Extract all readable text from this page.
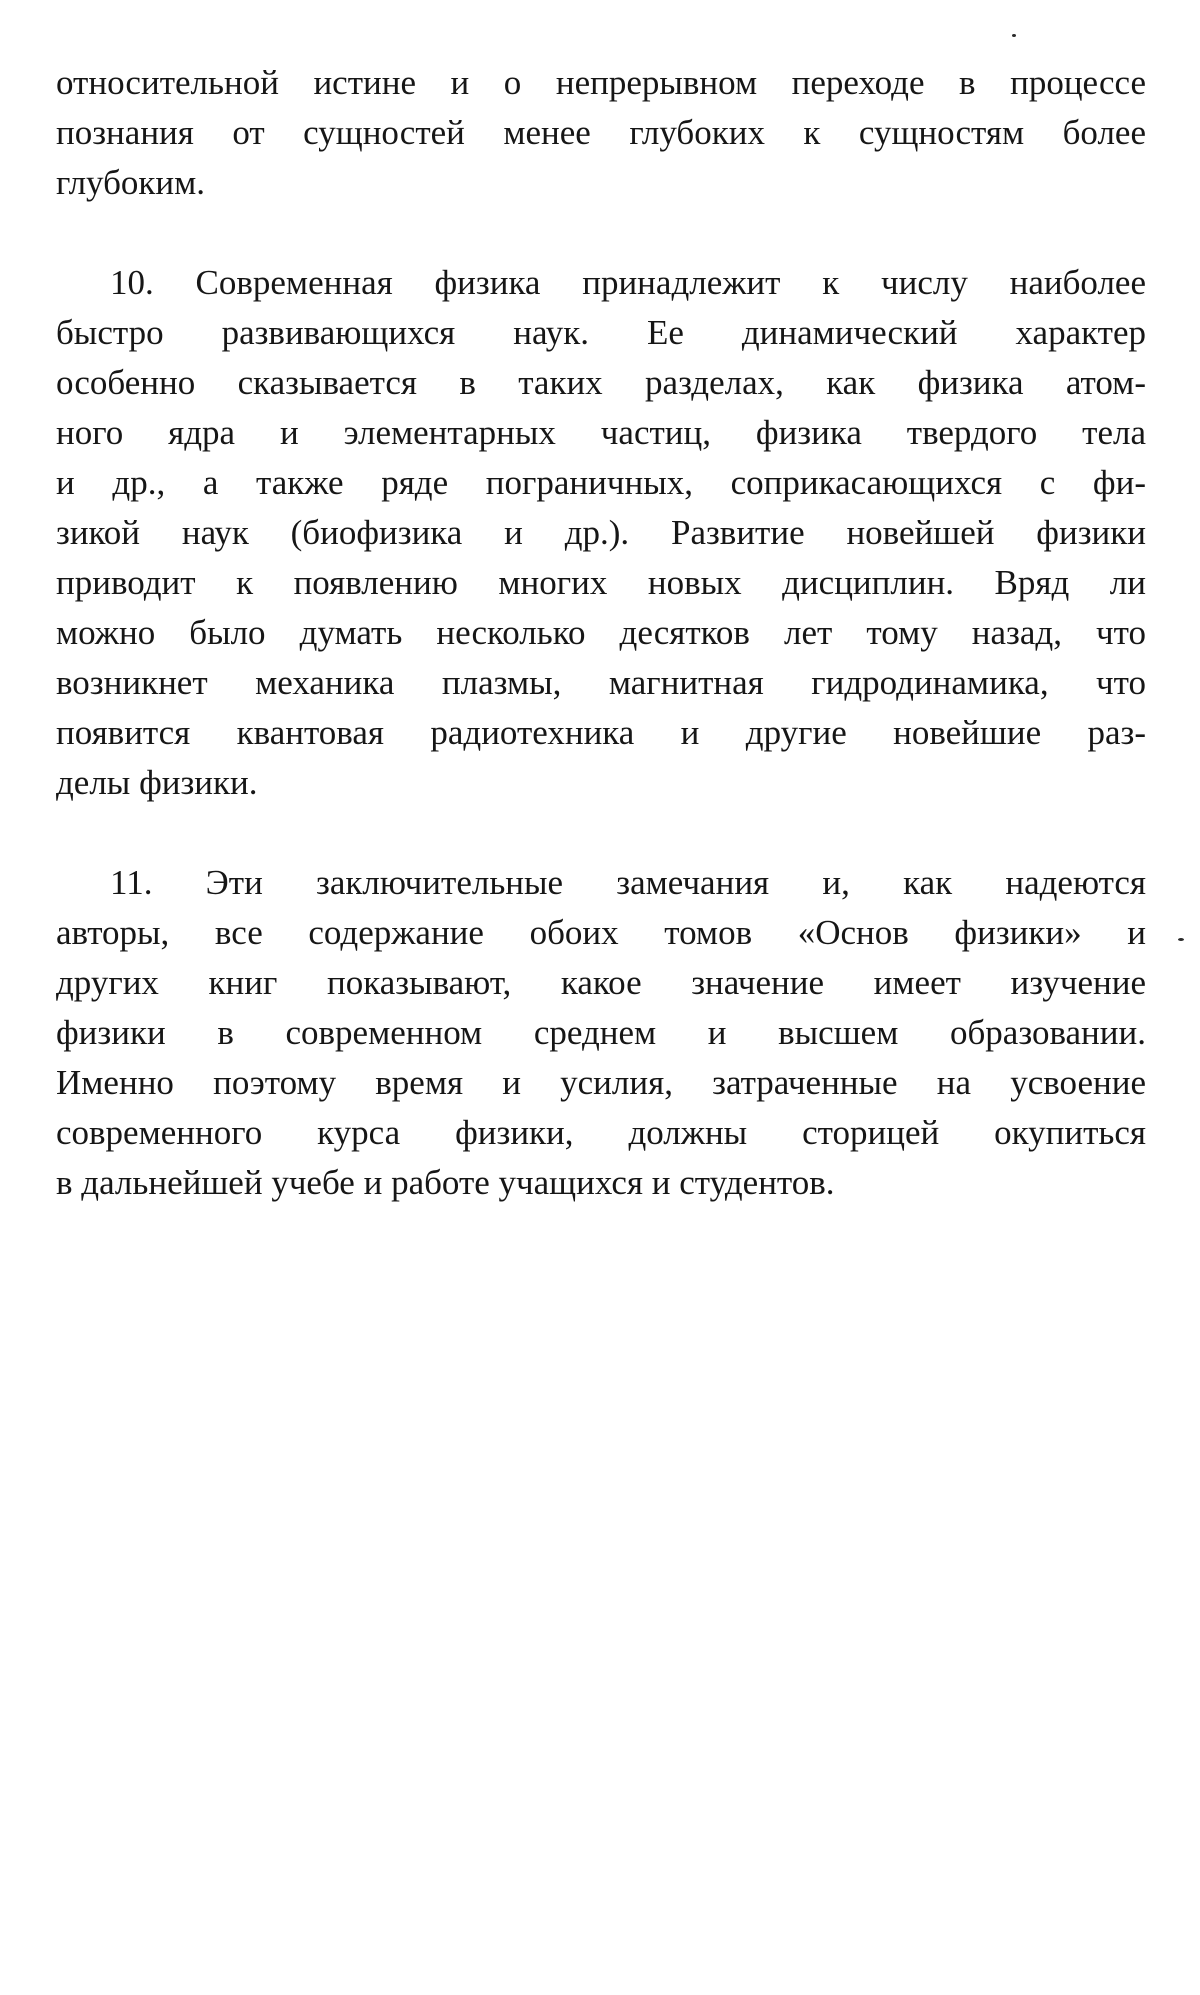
относительной истине и о непрерывном переходе в процессе
познания от сущностей менее глубоких к сущностям более
глубоким.

10. Современная физика принадлежит к числу наиболее
быстро развивающихся наук. Ее динамический характер
особенно сказывается в таких разделах, как физика атом-
ного ядра и элементарных частиц, физика твердого тела
и др., а также ряде пограничных, соприкасающихся с фи-
зикой наук (биофизика и др.). Развитие новейшей физики
приводит к появлению многих новых дисциплин. Вряд ли
можно было думать несколько десятков лет тому назад, что
возникнет механика плазмы, магнитная гидродинамика, что
появится квантовая радиотехника и другие новейшие раз-
делы физики.

11. Эти заключительные замечания и, как надеются
авторы, все содержание обоих томов «Основ физики» и
других книг показывают, какое значение имеет изучение
физики в современном среднем и высшем образовании.
Именно поэтому время и усилия, затраченные на усвоение
современного курса физики, должны сторицей окупиться
в дальнейшей учебе и работе учащихся и студентов.
